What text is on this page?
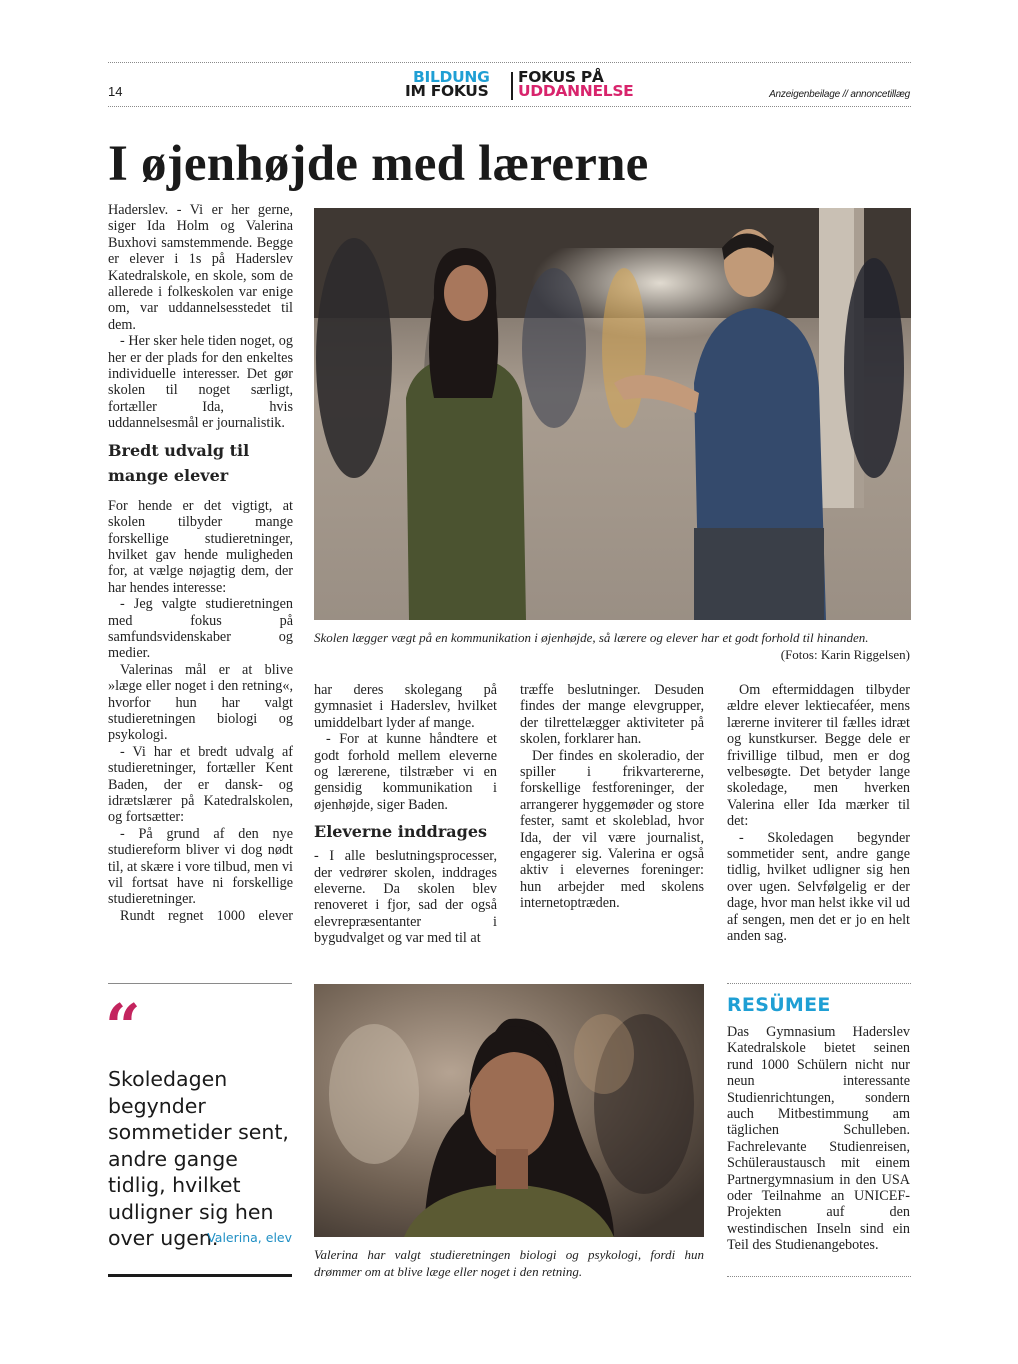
14
BILDUNG
IM FOKUS
FOKUS PÅ
UDDANNELSE	Anzeigenbeilage // annoncetillæg
I øjenhøjde med lærerne

Haderslev. - Vi er her gerne, siger Ida Holm og Valerina Buxhovi samstemmende. Begge er elever i 1s på Haderslev Katedralskole, en skole, som de allerede i folkeskolen var enige om, var uddannelsesstedet til dem.

- Her sker hele tiden noget, og her er der plads for den enkeltes individuelle interesser. Det gør skolen til noget særligt, fortæller Ida, hvis uddannelsesmål er journalistik.

Bredt udvalg til mange elever

For hende er det vigtigt, at skolen tilbyder mange forskellige studieretninger, hvilket gav hende muligheden for, at vælge nøjagtig dem, der har hendes interesse:

- Jeg valgte studieretningen med fokus på samfundsvidenskaber og medier.

Valerinas mål er at blive »læge eller noget i den retning«, hvorfor hun har valgt studieretningen biologi og psykologi.

- Vi har et bredt udvalg af studieretninger, fortæller Kent Baden, der er dansk- og idrætslærer på Katedralskolen, og fortsætter:

- På grund af den nye studiereform bliver vi dog nødt til, at skære i vore tilbud, men vi vil fortsat have ni forskellige studieretninger.

Rundt regnet 1000 elever

Skolen lægger vægt på en kommunikation i øjenhøjde, så lærere og elever har et godt forhold til hinanden.
(Fotos: Karin Riggelsen)

har deres skolegang på gymnasiet i Haderslev, hvilket umiddelbart lyder af mange.

- For at kunne håndtere et godt forhold mellem eleverne og lærerene, tilstræber vi en gensidig kommunikation i øjenhøjde, siger Baden.

Eleverne inddrages

- I alle beslutningsprocesser, der vedrører skolen, inddrages eleverne. Da skolen blev renoveret i fjor, sad der også elevrepræsentanter i bygudvalget og var med til at

træffe beslutninger. Desuden findes der mange elevgrupper, der tilrettelægger aktiviteter på skolen, forklarer han.

Der findes en skoleradio, der spiller i frikvartererne, forskellige festforeninger, der arrangerer hyggemøder og store fester, samt et skoleblad, hvor Ida, der vil være journalist, engagerer sig. Valerina er også aktiv i elevernes foreninger: hun arbejder med skolens internetoptræden.

Om eftermiddagen tilbyder ældre elever lektiecaféer, mens lærerne inviterer til fælles idræt og kunstkurser. Begge dele er frivillige tilbud, men er dog velbesøgte. Det betyder lange skoledage, men hverken Valerina eller Ida mærker til det:

- Skoledagen begynder sommetider sent, andre gange tidlig, hvilket udligner sig hen over ugen. Selvfølgelig er der dage, hvor man helst ikke vil ud af sengen, men det er jo en helt anden sag.

“
Skoledagen begynder sommetider sent, andre gange tidlig, hvilket udligner sig hen over ugen.
Valerina, elev
Valerina har valgt studieretningen biologi og psykologi, fordi hun drømmer om at blive læge eller noget i den retning.
RESÜMEE
Das Gymnasium Haderslev Katedralskole bietet seinen rund 1000 Schülern nicht nur neun interessante Studienrichtungen, sondern auch Mitbestimmung am täglichen Schulleben. Fachrelevante Studienreisen, Schüleraustausch mit einem Partnergymnasium in den USA oder Teilnahme an UNICEF-Projekten auf den westindischen Inseln sind ein Teil des Studienangebotes.
